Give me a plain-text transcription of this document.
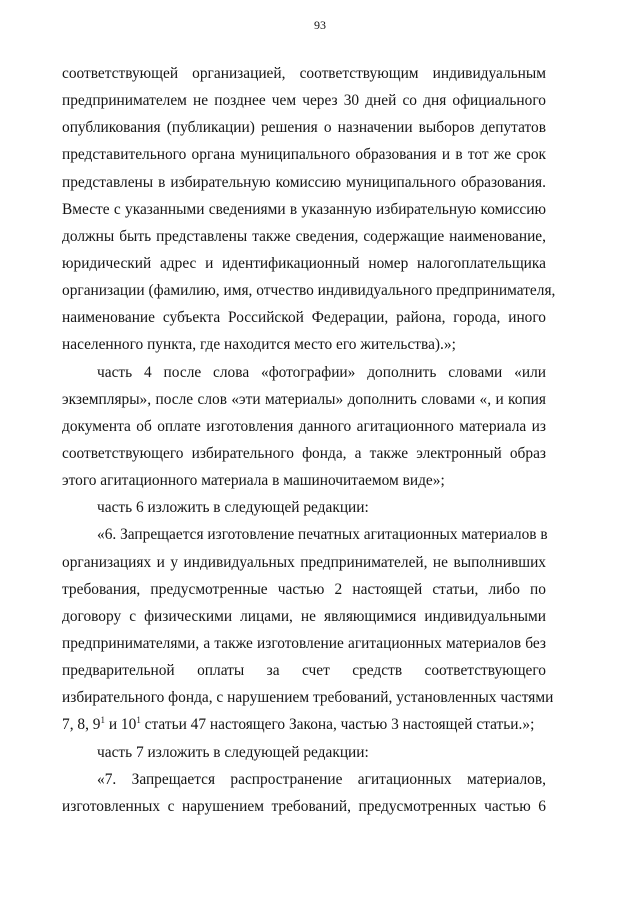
93
соответствующей организацией, соответствующим индивидуальным
предпринимателем не позднее чем через 30 дней со дня официального
опубликования (публикации) решения о назначении выборов депутатов
представительного органа муниципального образования и в тот же срок
представлены в избирательную комиссию муниципального образования.
Вместе с указанными сведениями в указанную избирательную комиссию
должны быть представлены также сведения, содержащие наименование,
юридический адрес и идентификационный номер налогоплательщика
организации (фамилию, имя, отчество индивидуального предпринимателя,
наименование субъекта Российской Федерации, района, города, иного
населенного пункта, где находится место его жительства).»;
часть 4 после слова «фотографии» дополнить словами «или
экземпляры», после слов «эти материалы» дополнить словами «, и копия
документа об оплате изготовления данного агитационного материала из
соответствующего избирательного фонда, а также электронный образ
этого агитационного материала в машиночитаемом виде»;
часть 6 изложить в следующей редакции:
«6. Запрещается изготовление печатных агитационных материалов в
организациях и у индивидуальных предпринимателей, не выполнивших
требования, предусмотренные частью 2 настоящей статьи, либо по
договору с физическими лицами, не являющимися индивидуальными
предпринимателями, а также изготовление агитационных материалов без
предварительной оплаты за счет средств соответствующего
избирательного фонда, с нарушением требований, установленных частями
7, 8, $9^1$ и $10^1$ статьи 47 настоящего Закона, частью 3 настоящей статьи.»;
часть 7 изложить в следующей редакции:
«7. Запрещается распространение агитационных материалов,
изготовленных с нарушением требований, предусмотренных частью 6
